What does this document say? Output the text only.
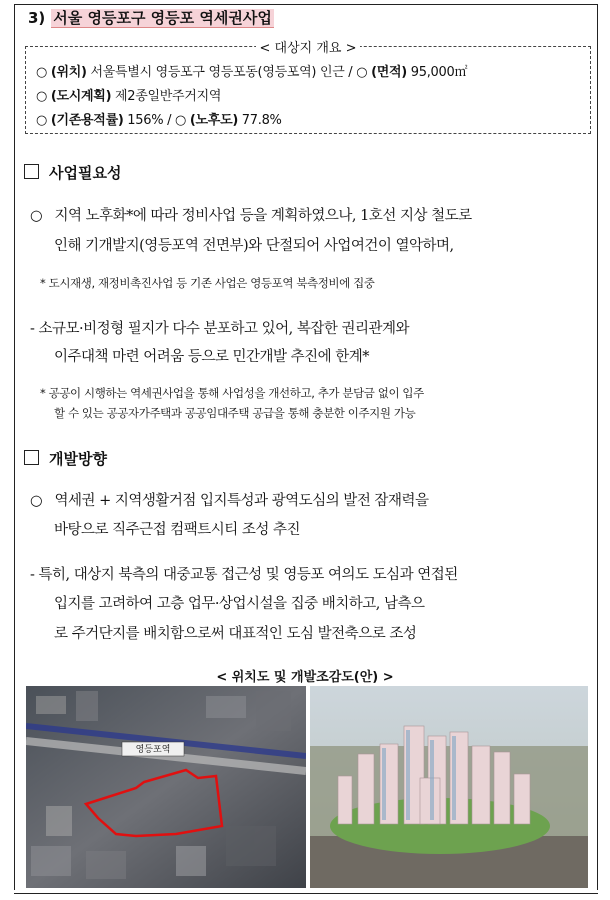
3) 서울 영등포구 영등포 역세권사업
< 대상지 개요 >
○ (위치) 서울특별시 영등포구 영등포동(영등포역) 인근 / ○ (면적) 95,000㎡
○ (도시계획) 제2종일반주거지역
○ (기존용적률) 156% / ○ (노후도) 77.8%
사업필요성
○   지역 노후화*에 따라 정비사업 등을 계획하였으나, 1호선 지상 철도로
인해 기개발지(영등포역 전면부)와 단절되어 사업여건이 열악하며,
* 도시재생, 재정비촉진사업 등 기존 사업은 영등포역 북측정비에 집중
- 소규모·비정형 필지가 다수 분포하고 있어, 복잡한 권리관계와
이주대책 마련 어려움 등으로 민간개발 추진에 한계*
* 공공이 시행하는 역세권사업을 통해 사업성을 개선하고, 추가 분담금 없이 입주
할 수 있는 공공자가주택과 공공임대주택 공급을 통해 충분한 이주지원 가능
개발방향
○   역세권 + 지역생활거점 입지특성과 광역도심의 발전 잠재력을
바탕으로 직주근접 컴팩트시티 조성 추진
- 특히, 대상지 북측의 대중교통 접근성 및 영등포 여의도 도심과 연접된
입지를 고려하여 고층 업무·상업시설을 집중 배치하고, 남측으
로 주거단지를 배치함으로써 대표적인 도심 발전축으로 조성
< 위치도 및 개발조감도(안) >
영등포역
